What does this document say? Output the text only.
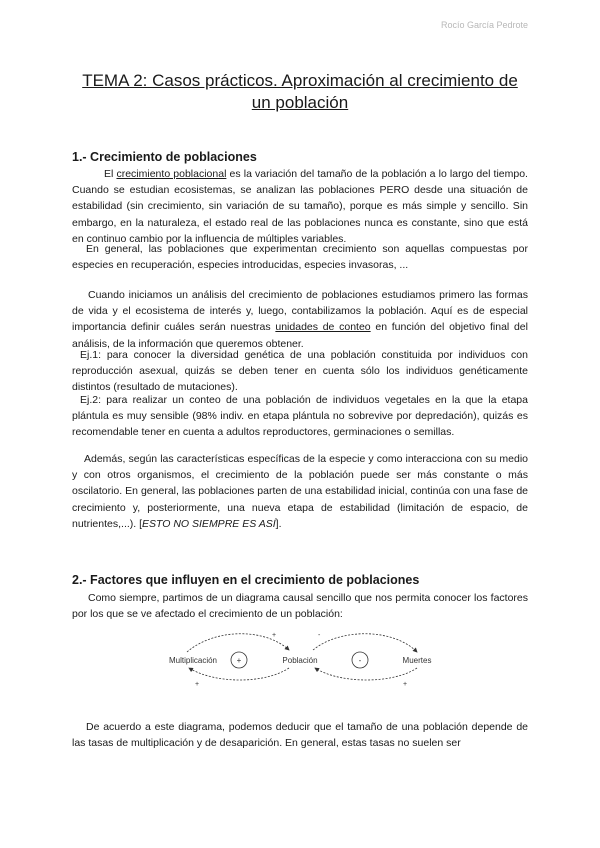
Rocío García Pedrote
TEMA 2: Casos prácticos. Aproximación al crecimiento de un población
1.- Crecimiento de poblaciones

El crecimiento poblacional es la variación del tamaño de la población a lo largo del tiempo. Cuando se estudian ecosistemas, se analizan las poblaciones PERO desde una situación de estabilidad (sin crecimiento, sin variación de su tamaño), porque es más simple y sencillo. Sin embargo, en la naturaleza, el estado real de las poblaciones nunca es constante, sino que está en continuo cambio por la influencia de múltiples variables.

En general, las poblaciones que experimentan crecimiento son aquellas compuestas por especies en recuperación, especies introducidas, especies invasoras, ...

Cuando iniciamos un análisis del crecimiento de poblaciones estudiamos primero las formas de vida y el ecosistema de interés y, luego, contabilizamos la población. Aquí es de especial importancia definir cuáles serán nuestras unidades de conteo en función del objetivo final del análisis, de la información que queremos obtener.

Ej.1: para conocer la diversidad genética de una población constituida por individuos con reproducción asexual, quizás se deben tener en cuenta sólo los individuos genéticamente distintos (resultado de mutaciones).

Ej.2: para realizar un conteo de una población de individuos vegetales en la que la etapa plántula es muy sensible (98% indiv. en etapa plántula no sobrevive por depredación), quizás es recomendable tener en cuenta a adultos reproductores, germinaciones o semillas.

Además, según las características específicas de la especie y como interacciona con su medio y con otros organismos, el crecimiento de la población puede ser más constante o más oscilatorio. En general, las poblaciones parten de una estabilidad inicial, continúa con una fase de crecimiento y, posteriormente, una nueva etapa de estabilidad (limitación de espacio, de nutrientes,...). [ESTO NO SIEMPRE ES ASÍ].

2.- Factores que influyen en el crecimiento de poblaciones

Como siempre, partimos de un diagrama causal sencillo que nos permita conocer los factores por los que se ve afectado el crecimiento de un población:

+	-
Multiplicación	Población	Muertes
+	-
+	+

De acuerdo a este diagrama, podemos deducir que el tamaño de una población depende de las tasas de multiplicación y de desaparición. En general, estas tasas no suelen ser
